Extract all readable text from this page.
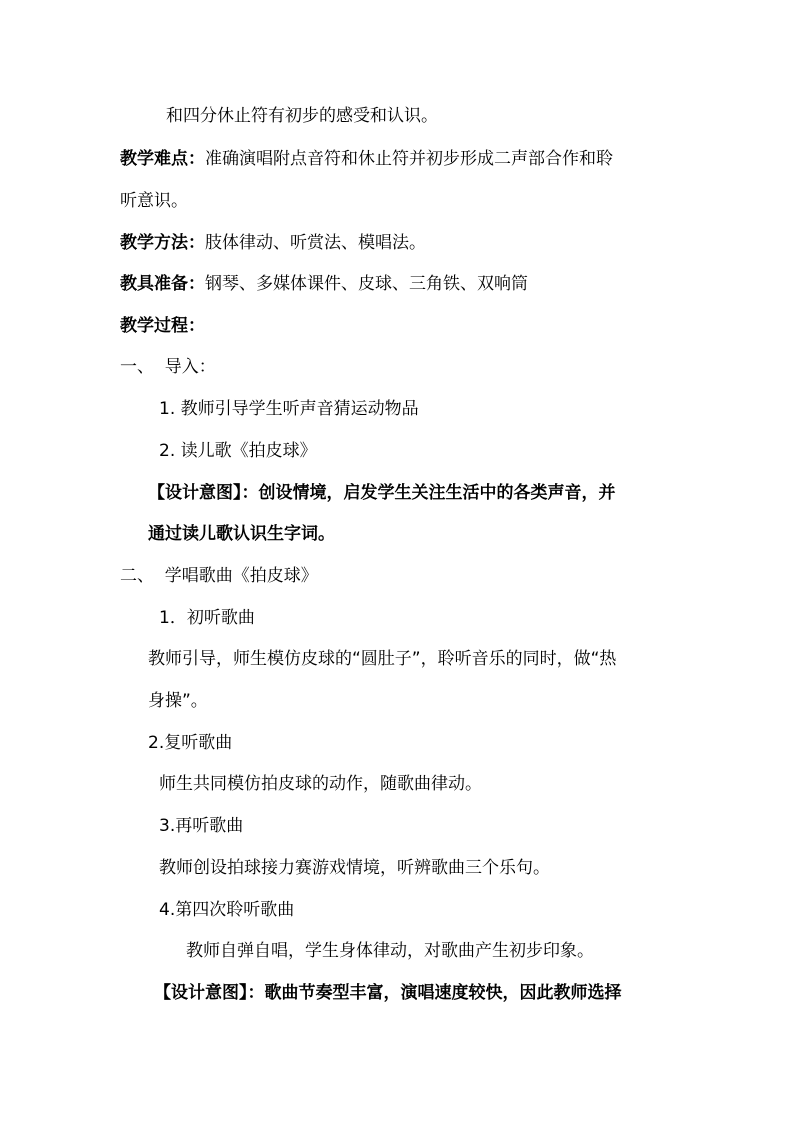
和四分休止符有初步的感受和认识。
教学难点：准确演唱附点音符和休止符并初步形成二声部合作和聆
听意识。
教学方法：肢体律动、听赏法、模唱法。
教具准备：钢琴、多媒体课件、皮球、三角铁、双响筒
教学过程：
一、  导入：
1. 教师引导学生听声音猜运动物品
2. 读儿歌《拍皮球》
【设计意图】：创设情境，启发学生关注生活中的各类声音，并
通过读儿歌认识生字词。
二、  学唱歌曲《拍皮球》
1．初听歌曲
教师引导，师生模仿皮球的“圆肚子”，聆听音乐的同时，做“热
身操”。
2.复听歌曲
师生共同模仿拍皮球的动作，随歌曲律动。
3.再听歌曲
教师创设拍球接力赛游戏情境，听辨歌曲三个乐句。
4.第四次聆听歌曲
教师自弹自唱，学生身体律动，对歌曲产生初步印象。
【设计意图】：歌曲节奏型丰富，演唱速度较快，因此教师选择
